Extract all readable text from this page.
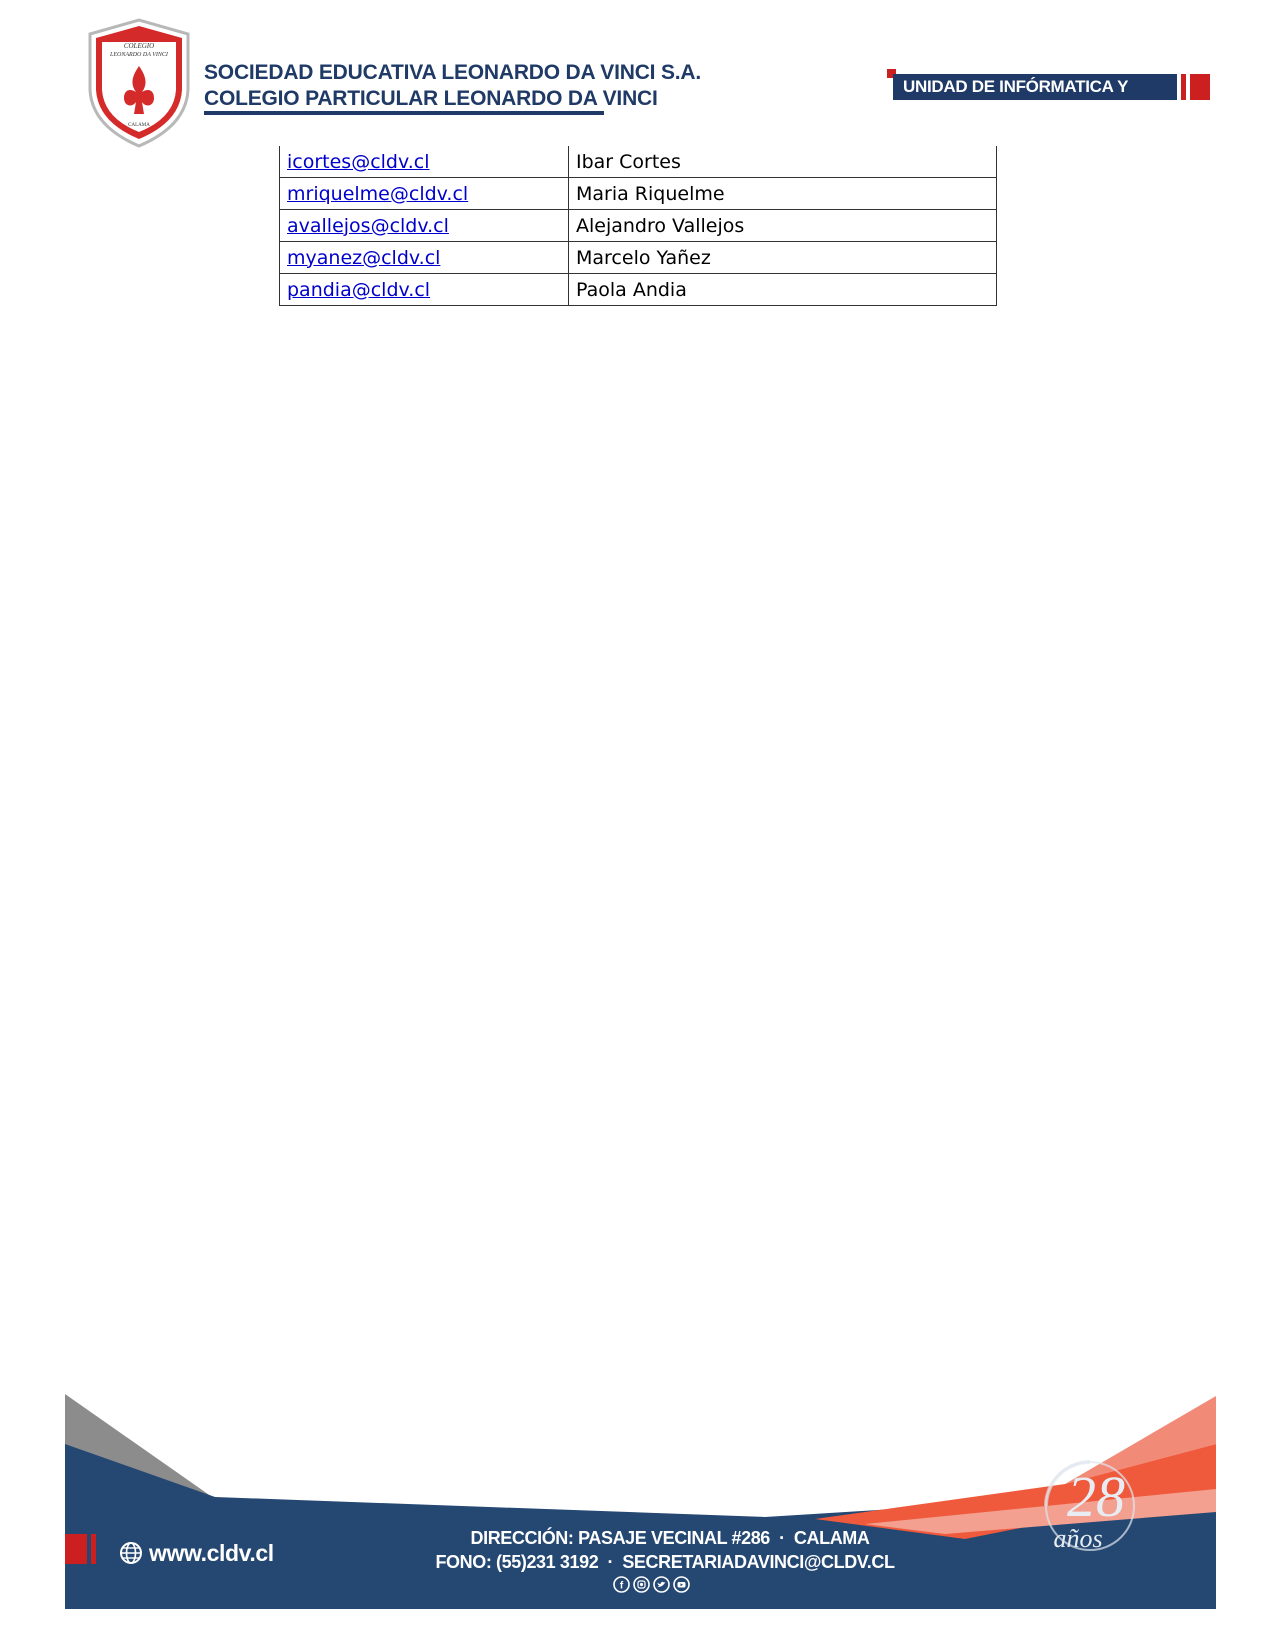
COLEGIO
LEONARDO DA VINCI
CALAMA
SOCIEDAD EDUCATIVA LEONARDO DA VINCI S.A.
COLEGIO PARTICULAR LEONARDO DA VINCI
UNIDAD DE INFÓRMATICA Y SOPORTE
icortes@cldv.cl	Ibar Cortes
mriquelme@cldv.cl	Maria Riquelme
avallejos@cldv.cl	Alejandro Vallejos
myanez@cldv.cl	Marcelo Yañez
pandia@cldv.cl	Paola Andia
www.cldv.cl
DIRECCIÓN: PASAJE VECINAL #286  ·  CALAMA
FONO: (55)231 3192  ·  SECRETARIADAVINCI@CLDV.CL
f
28
años
